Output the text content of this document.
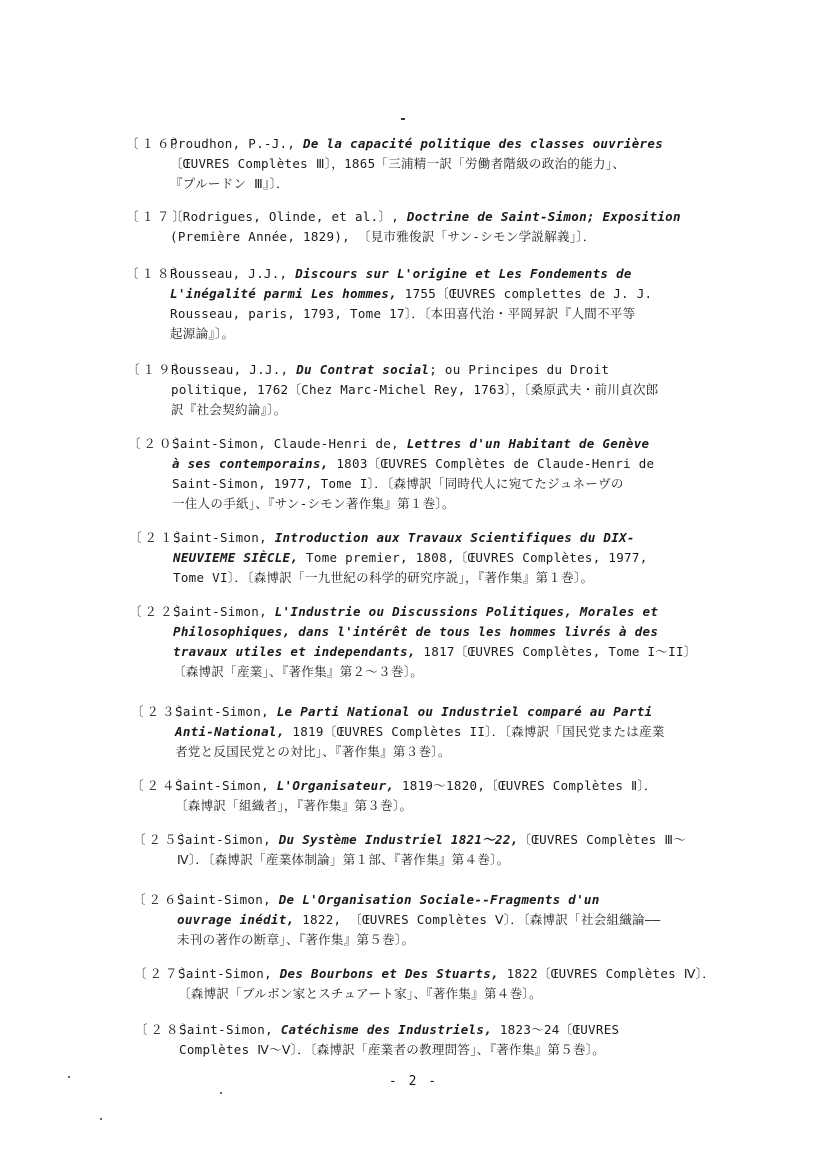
〔１６〕Proudhon, P.-J., De la capacité politique des classes ouvrières
〔ŒUVRES Complètes Ⅲ〕，1865「三浦精一訳「労働者階級の政治的能力」、
『プルードン Ⅲ』〕．
〔１７〕〔Rodrigues, Olinde, et al.〕, Doctrine de Saint-Simon; Exposition
(Première Année, 1829), 〔見市雅俊訳「サン-シモン学説解義」〕．
〔１８〕Rousseau, J.J., Discours sur L'origine et Les Fondements de
L'inégalité parmi Les hommes, 1755〔ŒUVRES complettes de J. J.
Rousseau, paris, 1793, Tome 17〕．〔本田喜代治・平岡昇訳『人間不平等
起源論』〕。
〔１９〕Rousseau, J.J., Du Contrat social; ou Principes du Droit
politique, 1762〔Chez Marc-Michel Rey, 1763〕，〔桑原武夫・前川貞次郎
訳『社会契約論』〕。
〔２０〕Saint-Simon, Claude-Henri de, Lettres d'un Habitant de Genève
à ses contemporains, 1803〔ŒUVRES Complètes de Claude-Henri de
Saint-Simon, 1977, Tome I〕．〔森博訳「同時代人に宛てたジュネーヴの
一住人の手紙」、『サン-シモン著作集』第１巻〕。
〔２１〕Saint-Simon, Introduction aux Travaux Scientifiques du DIX-
NEUVIEME SIÈCLE, Tome premier, 1808,〔ŒUVRES Complètes, 1977,
Tome VI〕．〔森博訳「一九世紀の科学的研究序説」，『著作集』第１巻〕。
〔２２〕Saint-Simon, L'Industrie ou Discussions Politiques, Morales et
Philosophiques, dans l'intérêt de tous les hommes livrés à des
travaux utiles et independants, 1817〔ŒUVRES Complètes, Tome I～II〕
〔森博訳「産業」、『著作集』第２～３巻〕。
〔２３〕Saint-Simon, Le Parti National ou Industriel comparé au Parti
Anti-National, 1819〔ŒUVRES Complètes II〕．〔森博訳「国民党または産業
者党と反国民党との対比」、『著作集』第３巻〕。
〔２４〕Saint-Simon, L'Organisateur, 1819～1820,〔ŒUVRES Complètes Ⅱ〕．
〔森博訳「組織者」，『著作集』第３巻〕。
〔２５〕Saint-Simon, Du Système Industriel 1821～22,〔ŒUVRES Complètes Ⅲ～
Ⅳ〕．〔森博訳「産業体制論」第１部、『著作集』第４巻〕。
〔２６〕Saint-Simon, De L'Organisation Sociale--Fragments d'un
ouvrage inédit, 1822, 〔ŒUVRES Complètes Ⅴ〕．〔森博訳「社会組織論――
未刊の著作の断章」、『著作集』第５巻〕。
〔２７〕Saint-Simon, Des Bourbons et Des Stuarts, 1822〔ŒUVRES Complètes Ⅳ〕．
〔森博訳「ブルボン家とスチュアート家」、『著作集』第４巻〕。
〔２８〕Saint-Simon, Catéchisme des Industriels, 1823～24〔ŒUVRES
Complètes Ⅳ～Ⅴ〕．〔森博訳「産業者の教理問答」、『著作集』第５巻〕。
- 2 -
